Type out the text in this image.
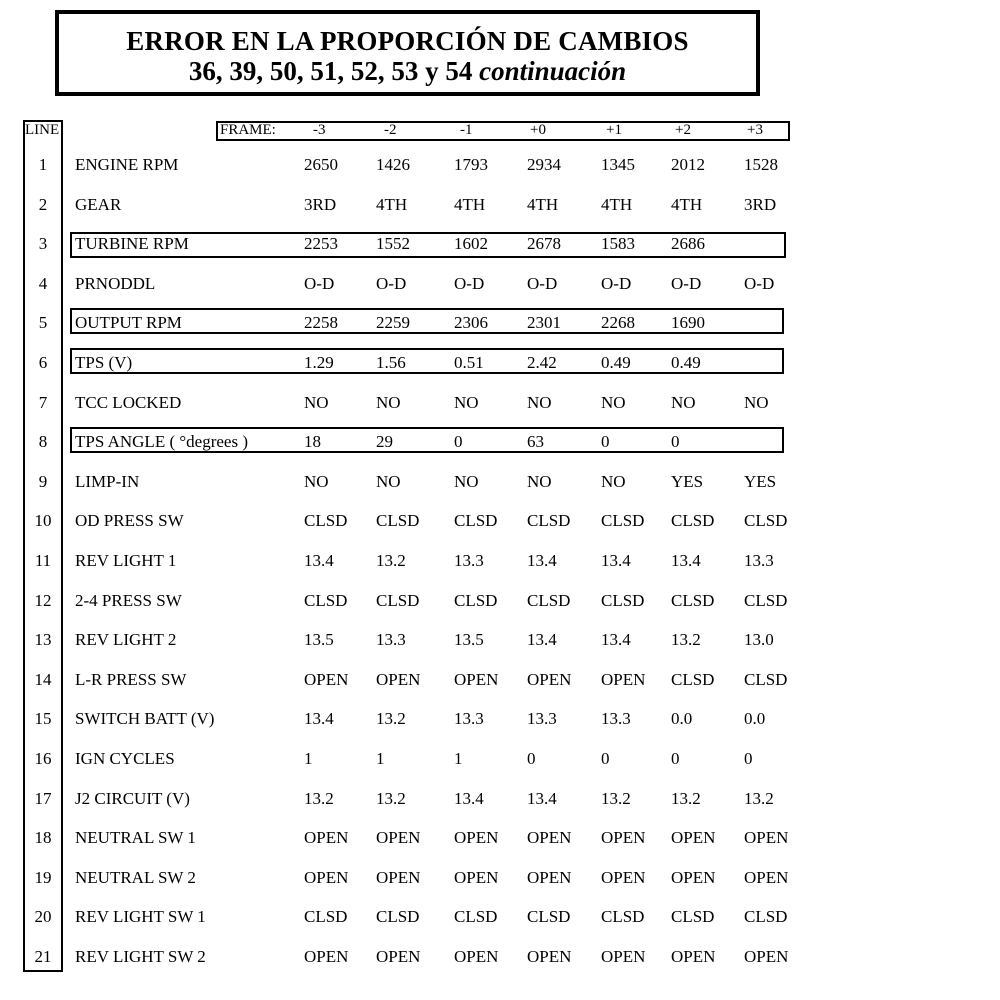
ERROR EN LA PROPORCIÓN DE CAMBIOS
36, 39, 50, 51, 52, 53 y 54 continuación
LINE	FRAME: -3	-2	-1	+0	+1	+2	+3
1	ENGINE RPM	2650 1426	1793 2934 1345 2012 1528
2	GEAR	3RD 4TH	4TH 4TH	4TH 4TH 3RD
3	TURBINE RPM	2253 1552	1602 2678 1583 2686
4	PRNODDL	O-D O-D	O-D	O-D	O-D O-D	O-D
5	OUTPUT RPM	2258 2259	2306 2301 2268 1690
6	TPS (V)	1.29 1.56	0.51	2.42	0.49 0.49
7	TCC LOCKED	NO	NO	NO	NO	NO	NO	NO
8	TPS ANGLE ( °degrees )	18	29	0	63	0	0
9	LIMP-IN	NO	NO	NO	NO	NO	YES YES
10	OD PRESS SW	CLSD CLSD CLSD CLSD CLSD CLSD CLSD
11	REV LIGHT 1	13.4 13.2	13.3	13.4	13.4 13.4	13.3
12	2-4 PRESS SW	CLSD CLSD CLSD CLSD CLSD CLSD CLSD
13	REV LIGHT 2	13.5 13.3	13.5	13.4	13.4 13.2	13.0
14	L-R PRESS SW	OPEN OPEN OPEN OPEN OPEN CLSD CLSD
15	SWITCH BATT (V)	13.4 13.2	13.3	13.3	13.3 0.0	0.0
16	IGN CYCLES	1	1	1	0	0	0	0
17	J2 CIRCUIT (V)	13.2 13.2	13.4	13.4	13.2 13.2	13.2
18	NEUTRAL SW 1	OPEN OPEN OPEN OPEN OPEN OPEN OPEN
19	NEUTRAL SW 2	OPEN OPEN OPEN OPEN OPEN OPEN OPEN
20	REV LIGHT SW 1	CLSD CLSD CLSD CLSD CLSD CLSD CLSD
21	REV LIGHT SW 2	OPEN OPEN OPEN OPEN OPEN OPEN OPEN
